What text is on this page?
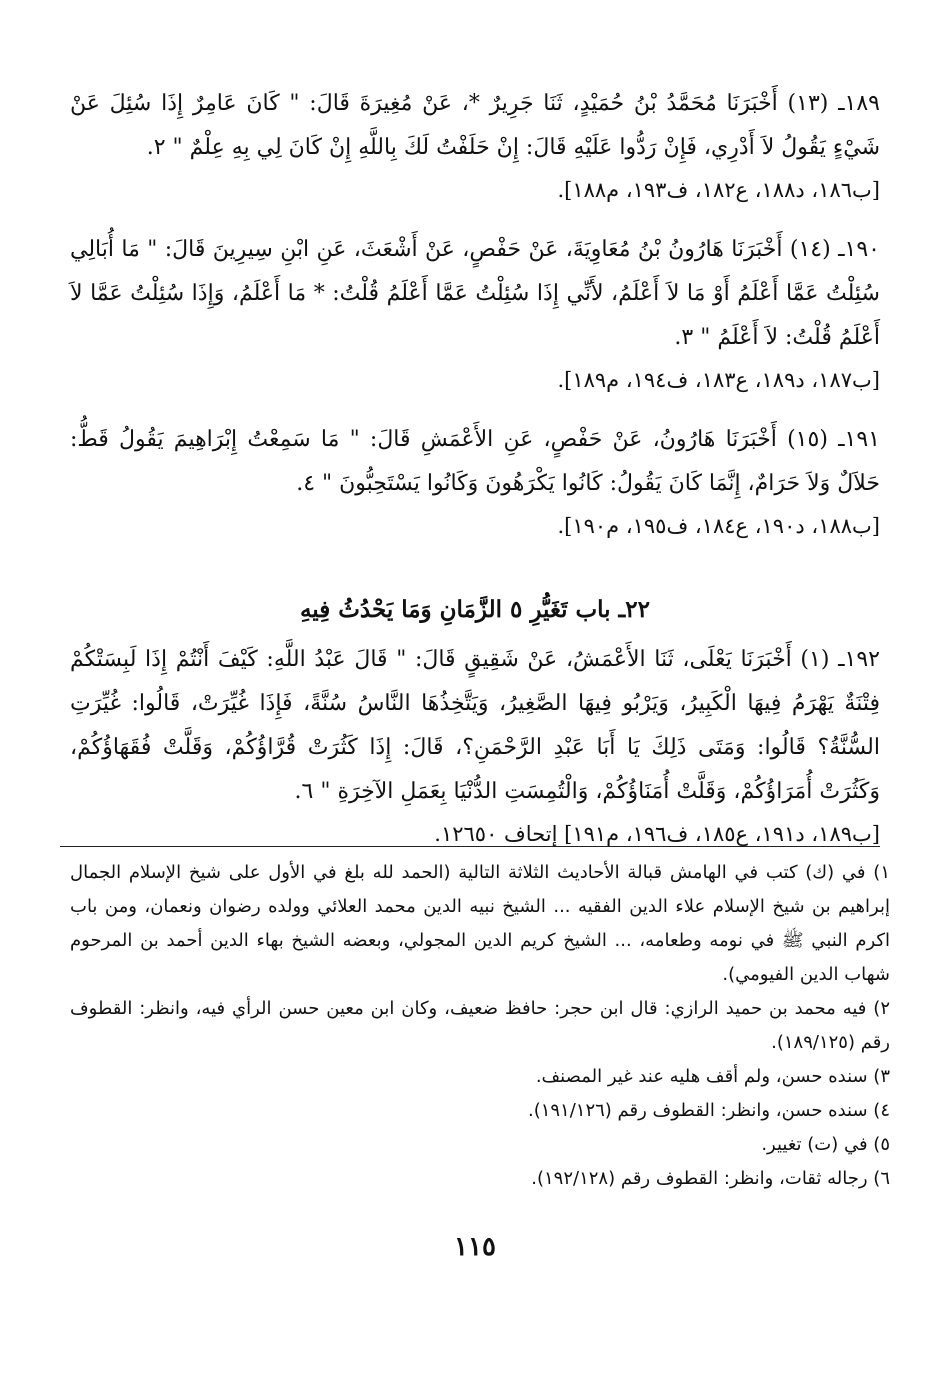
١٨٩ـ (١٣) أَخْبَرَنَا مُحَمَّدُ بْنُ حُمَيْدٍ، ثَنَا جَرِيرٌ *، عَنْ مُغِيرَةَ قَالَ: " كَانَ عَامِرٌ إِذَا سُئِلَ عَنْ شَيْءٍ يَقُولُ لاَ أَدْرِي، فَإِنْ رَدُّوا عَلَيْهِ قَالَ: إِنْ حَلَفْتُ لَكَ بِاللَّهِ إِنْ كَانَ لِي بِهِ عِلْمٌ " ٢.

[ب١٨٦، د١٨٨، ع١٨٢، ف١٩٣، م١٨٨].

١٩٠ـ (١٤) أَخْبَرَنَا هَارُونُ بْنُ مُعَاوِيَةَ، عَنْ حَفْصٍ، عَنْ أَشْعَثَ، عَنِ ابْنِ سِيرِينَ قَالَ: " مَا أُبَالِي سُئِلْتُ عَمَّا أَعْلَمُ أَوْ مَا لاَ أَعْلَمُ، لأَنِّي إِذَا سُئِلْتُ عَمَّا أَعْلَمُ قُلْتُ: * مَا أَعْلَمُ، وَإِذَا سُئِلْتُ عَمَّا لاَ أَعْلَمُ قُلْتُ: لاَ أَعْلَمُ " ٣.

[ب١٨٧، د١٨٩، ع١٨٣، ف١٩٤، م١٨٩].

١٩١ـ (١٥) أَخْبَرَنَا هَارُونُ، عَنْ حَفْصٍ، عَنِ الأَعْمَشِ قَالَ: " مَا سَمِعْتُ إِبْرَاهِيمَ يَقُولُ قَطُّ: حَلاَلٌ وَلاَ حَرَامٌ، إِنَّمَا كَانَ يَقُولُ: كَانُوا يَكْرَهُونَ وَكَانُوا يَسْتَحِبُّونَ " ٤.

[ب١٨٨، د١٩٠، ع١٨٤، ف١٩٥، م١٩٠].

٢٢ـ باب تَغَيُّرِ ٥ الزَّمَانِ وَمَا يَحْدُثُ فِيهِ

١٩٢ـ (١) أَخْبَرَنَا يَعْلَى، ثَنَا الأَعْمَشُ، عَنْ شَقِيقٍ قَالَ: " قَالَ عَبْدُ اللَّهِ: كَيْفَ أَنْتُمْ إِذَا لَبِسَتْكُمْ فِتْنَةٌ يَهْرَمُ فِيهَا الْكَبِيرُ، وَيَرْبُو فِيهَا الصَّغِيرُ، وَيَتَّخِذُهَا النَّاسُ سُنَّةً، فَإِذَا غُيِّرَتْ، قَالُوا: غُيِّرَتِ السُّنَّةُ؟ قَالُوا: وَمَتَى ذَلِكَ يَا أَبَا عَبْدِ الرَّحْمَنِ؟، قَالَ: إِذَا كَثُرَتْ قُرَّاؤُكُمْ، وَقَلَّتْ فُقَهَاؤُكُمْ، وَكَثُرَتْ أُمَرَاؤُكُمْ، وَقَلَّتْ أُمَنَاؤُكُمْ، وَالْتُمِسَتِ الدُّنْيَا بِعَمَلِ الآخِرَةِ " ٦.

[ب١٨٩، د١٩١، ع١٨٥، ف١٩٦، م١٩١] إتحاف ١٢٦٥٠.

١) في (ك) كتب في الهامش قبالة الأحاديث الثلاثة التالية (الحمد لله بلغ في الأول على شيخ الإسلام الجمال إبراهيم بن شيخ الإسلام علاء الدين الفقيه ... الشيخ نبيه الدين محمد العلائي وولده رضوان ونعمان، ومن باب اكرم النبي ﷺ في نومه وطعامه، ... الشيخ كريم الدين المجولي، وبعضه الشيخ بهاء الدين أحمد بن المرحوم شهاب الدين الفيومي).

٢) فيه محمد بن حميد الرازي: قال ابن حجر: حافظ ضعيف، وكان ابن معين حسن الرأي فيه، وانظر: القطوف رقم (١٨٩/١٢٥).

٣) سنده حسن، ولم أقف هليه عند غير المصنف.

٤) سنده حسن، وانظر: القطوف رقم (١٩١/١٢٦).

٥) في (ت) تغيير.

٦) رجاله ثقات، وانظر: القطوف رقم (١٩٢/١٢٨).

١١٥
